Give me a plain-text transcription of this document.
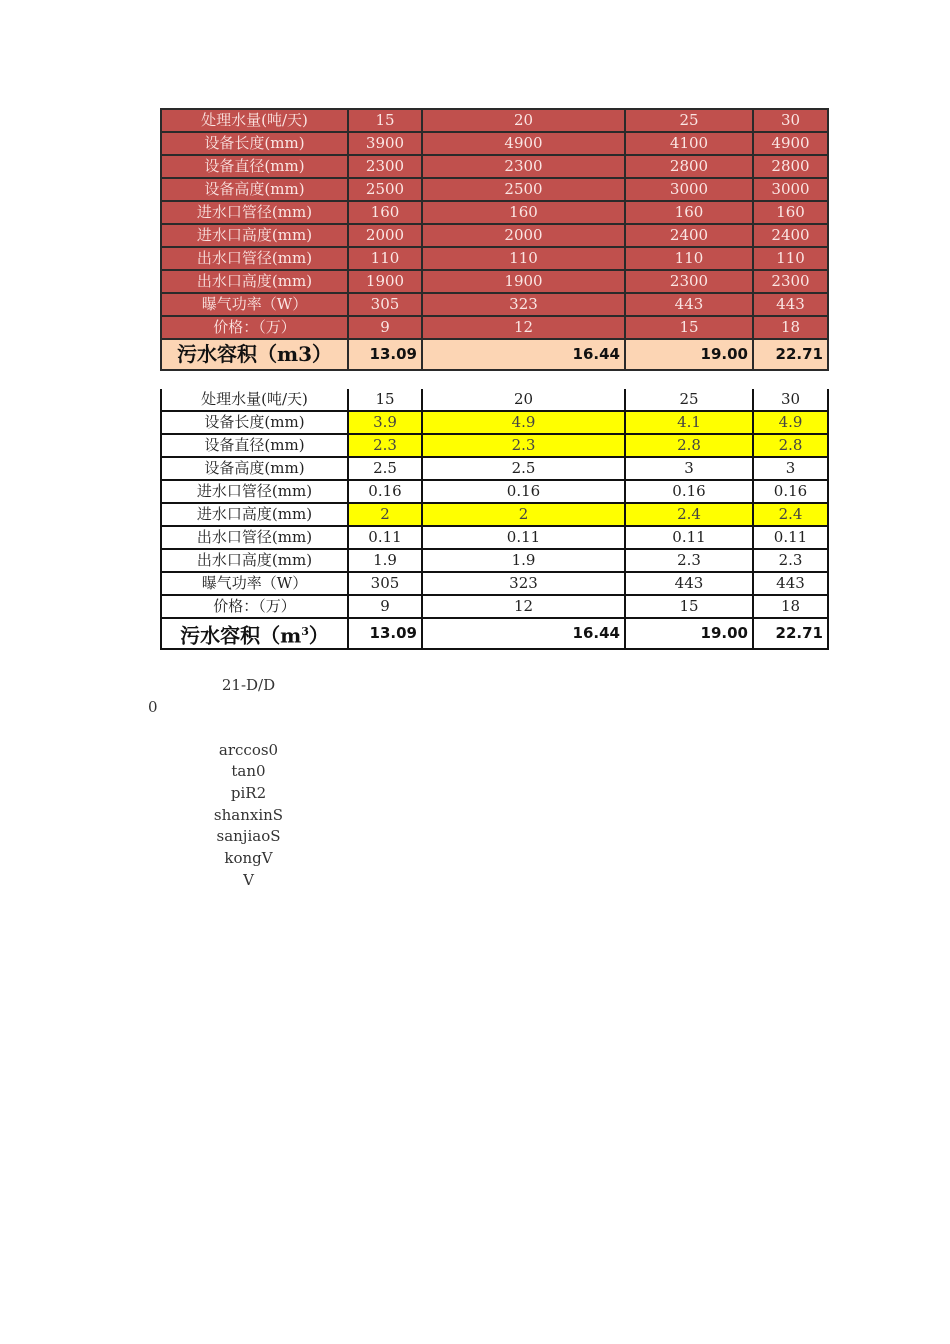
处理水量(吨/天)	15	20	25	30
设备长度(mm)	3900	4900	4100	4900
设备直径(mm)	2300	2300	2800	2800
设备高度(mm)	2500	2500	3000	3000
进水口管径(mm)	160	160	160	160
进水口高度(mm)	2000	2000	2400	2400
出水口管径(mm)	110	110	110	110
出水口高度(mm)	1900	1900	2300	2300
曝气功率（W）	305	323	443	443
价格：（万）	9	12	15	18
污水容积（m3）	13.09	16.44	19.00	22.71
处理水量(吨/天)	15	20	25	30
设备长度(mm)	3.9	4.9	4.1	4.9
设备直径(mm)	2.3	2.3	2.8	2.8
设备高度(mm)	2.5	2.5	3	3
进水口管径(mm)	0.16	0.16	0.16	0.16
进水口高度(mm)	2	2	2.4	2.4
出水口管径(mm)	0.11	0.11	0.11	0.11
出水口高度(mm)	1.9	1.9	2.3	2.3
曝气功率（W）	305	323	443	443
价格：（万）	9	12	15	18
污水容积$(m^3)$	13.09	16.44	19.00	22.71
21-D/D
0
arccos0
tan0
piR2
shanxinS
sanjiaoS
kongV
V
